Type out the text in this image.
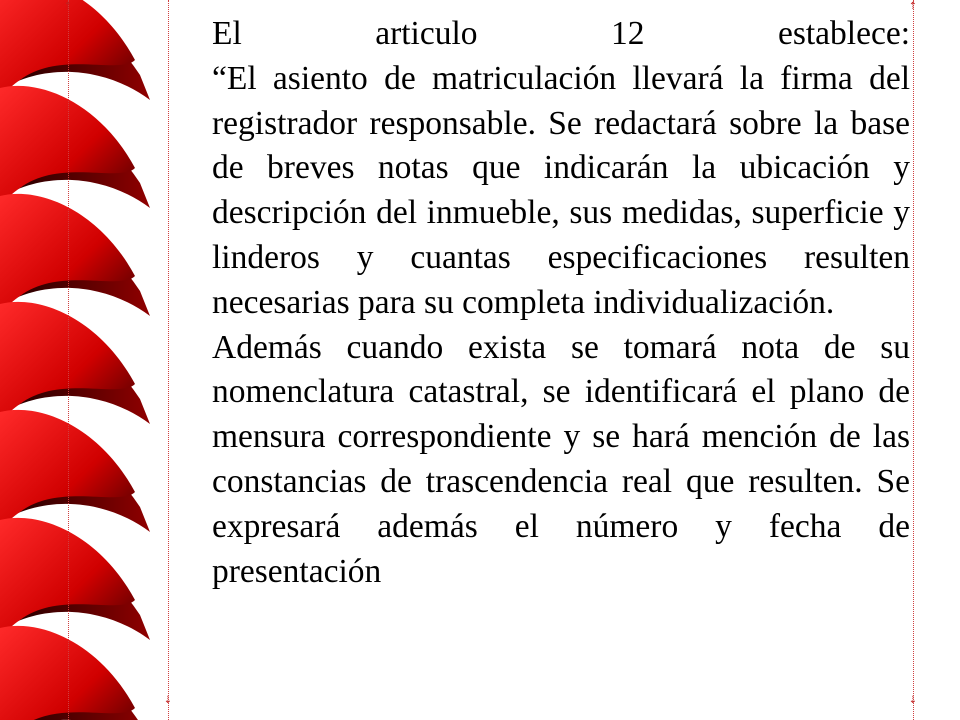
⇡
⇣
⇡
⇣

El articulo 12 establece:

“El asiento de matriculación llevará la firma del registrador responsable. Se redactará sobre la base de breves notas que indicarán la ubicación y descripción del inmueble, sus medidas, superficie y linderos y cuantas especificaciones resulten necesarias para su completa individualización.

Además cuando exista se tomará nota de su nomenclatura catastral, se identificará el plano de mensura correspondiente y se hará mención de las constancias de trascendencia real que resulten. Se expresará además el número y fecha de presentación
